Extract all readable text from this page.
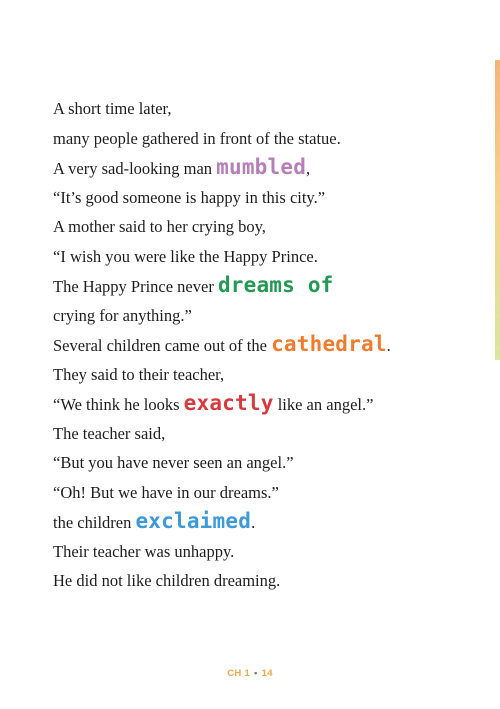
A short time later,
many people gathered in front of the statue.
A very sad-looking man mumbled,
“It’s good someone is happy in this city.”
A mother said to her crying boy,
“I wish you were like the Happy Prince.
The Happy Prince never dreams of
crying for anything.”
Several children came out of the cathedral.
They said to their teacher,
“We think he looks exactly like an angel.”
The teacher said,
“But you have never seen an angel.”
“Oh! But we have in our dreams.”
the children exclaimed.
Their teacher was unhappy.
He did not like children dreaming.
CH 1 • 14
